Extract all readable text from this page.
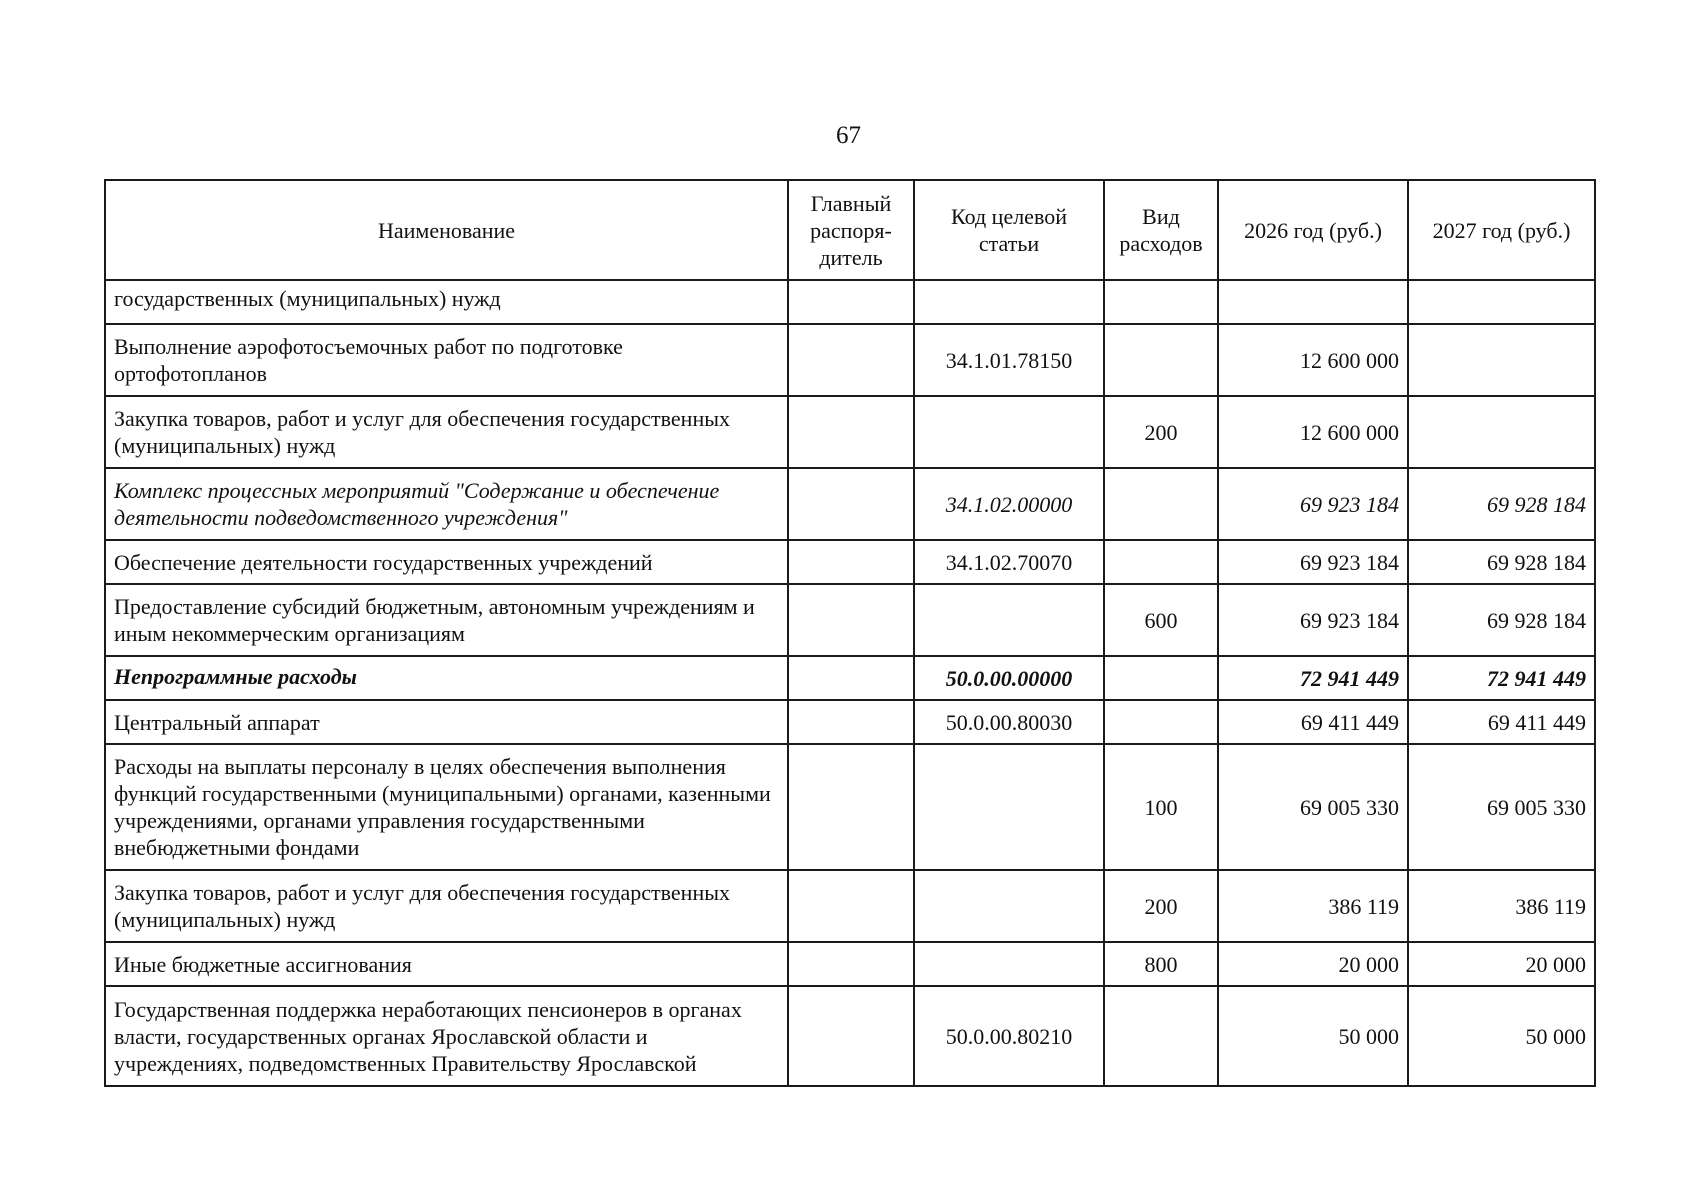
67
Наименование	Главный распоря-дитель	Код целевой статьи	Вид расходов	2026 год (руб.)	2027 год (руб.)
государственных (муниципальных) нужд					
Выполнение аэрофотосъемочных работ по подготовке ортофотопланов		34.1.01.78150		12 600 000	
Закупка товаров, работ и услуг для обеспечения государственных (муниципальных) нужд			200	12 600 000	
Комплекс процессных мероприятий "Содержание и обеспечение деятельности подведомственного учреждения"		34.1.02.00000		69 923 184	69 928 184
Обеспечение деятельности государственных учреждений		34.1.02.70070		69 923 184	69 928 184
Предоставление субсидий бюджетным, автономным учреждениям и иным некоммерческим организациям			600	69 923 184	69 928 184
Непрограммные расходы		50.0.00.00000		72 941 449	72 941 449
Центральный аппарат		50.0.00.80030		69 411 449	69 411 449
Расходы на выплаты персоналу в целях обеспечения выполнения функций государственными (муниципальными) органами, казенными учреждениями, органами управления государственными внебюджетными фондами			100	69 005 330	69 005 330
Закупка товаров, работ и услуг для обеспечения государственных (муниципальных) нужд			200	386 119	386 119
Иные бюджетные ассигнования			800	20 000	20 000
Государственная поддержка неработающих пенсионеров в органах власти, государственных органах Ярославской области и учреждениях, подведомственных Правительству Ярославской		50.0.00.80210		50 000	50 000
